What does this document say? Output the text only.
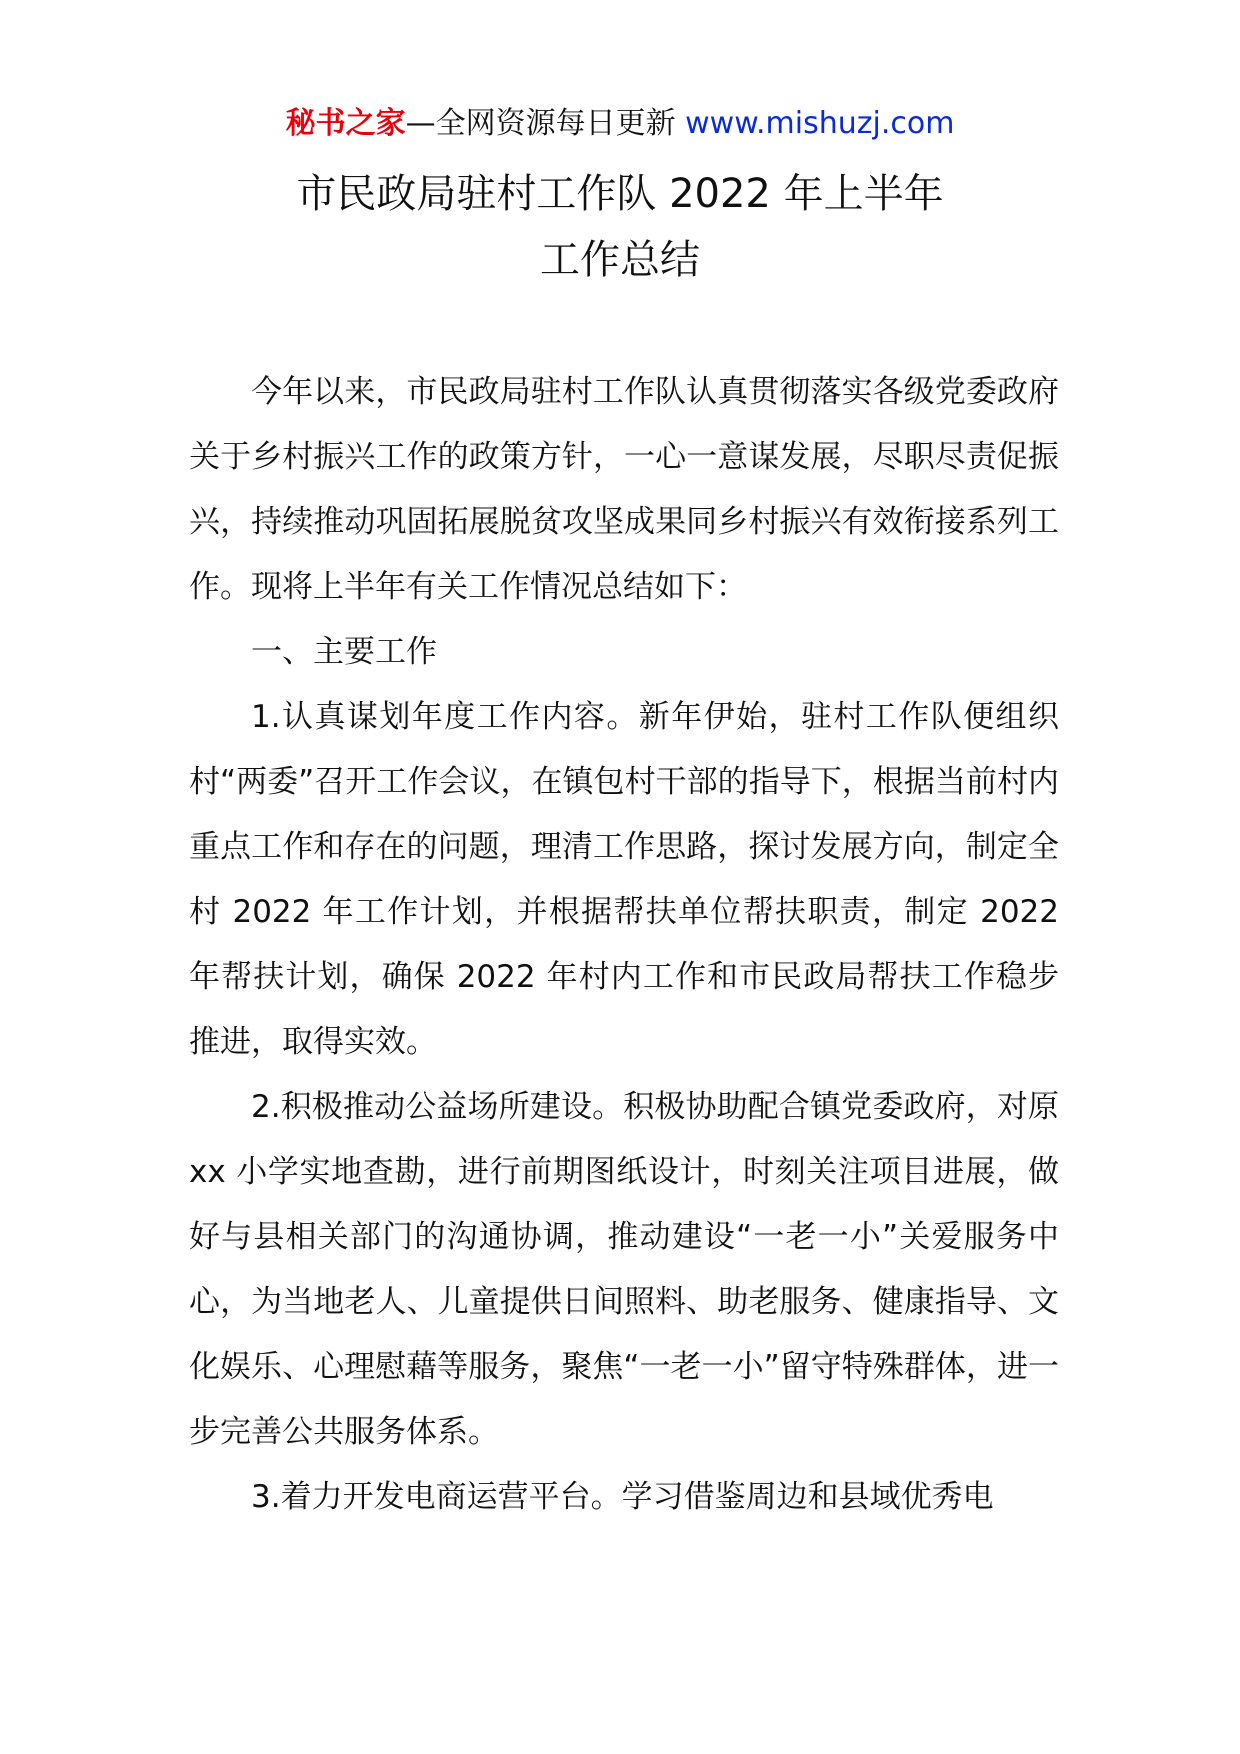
秘书之家—全网资源每日更新 www.mishuzj.com
市民政局驻村工作队 2022 年上半年
工作总结

今年以来，市民政局驻村工作队认真贯彻落实各级党委政府关于乡村振兴工作的政策方针，一心一意谋发展，尽职尽责促振兴，持续推动巩固拓展脱贫攻坚成果同乡村振兴有效衔接系列工作。现将上半年有关工作情况总结如下：

一、主要工作

1.认真谋划年度工作内容。新年伊始，驻村工作队便组织村“两委”召开工作会议，在镇包村干部的指导下，根据当前村内重点工作和存在的问题，理清工作思路，探讨发展方向，制定全村 2022 年工作计划，并根据帮扶单位帮扶职责，制定 2022 年帮扶计划，确保 2022 年村内工作和市民政局帮扶工作稳步推进，取得实效。

2.积极推动公益场所建设。积极协助配合镇党委政府，对原 xx 小学实地查勘，进行前期图纸设计，时刻关注项目进展，做好与县相关部门的沟通协调，推动建设“一老一小”关爱服务中心，为当地老人、儿童提供日间照料、助老服务、健康指导、文化娱乐、心理慰藉等服务，聚焦“一老一小”留守特殊群体，进一步完善公共服务体系。

3.着力开发电商运营平台。学习借鉴周边和县域优秀电
